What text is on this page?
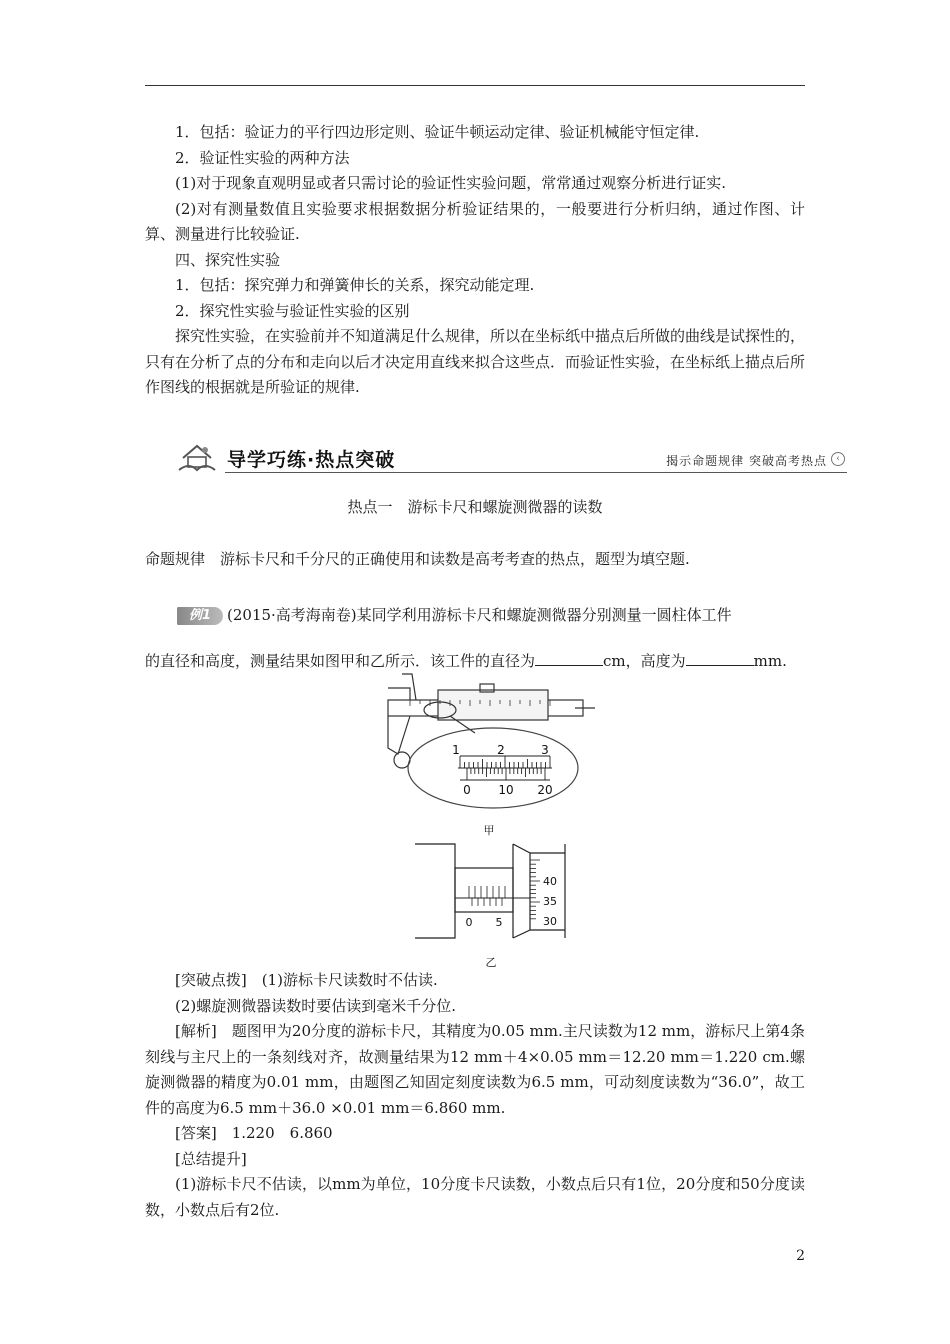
1．包括：验证力的平行四边形定则、验证牛顿运动定律、验证机械能守恒定律.

2．验证性实验的两种方法

(1)对于现象直观明显或者只需讨论的验证性实验问题，常常通过观察分析进行证实.

(2)对有测量数值且实验要求根据数据分析验证结果的，一般要进行分析归纳，通过作图、计算、测量进行比较验证.

四、探究性实验

1．包括：探究弹力和弹簧伸长的关系，探究动能定理.

2．探究性实验与验证性实验的区别

探究性实验，在实验前并不知道满足什么规律，所以在坐标纸中描点后所做的曲线是试探性的，只有在分析了点的分布和走向以后才决定用直线来拟合这些点．而验证性实验，在坐标纸上描点后所作图线的根据就是所验证的规律.

导学巧练·热点突破	揭示命题规律 突破高考热点	‹
热点一　游标卡尺和螺旋测微器的读数
命题规律　游标卡尺和千分尺的正确使用和读数是高考考查的热点，题型为填空题.
例1 (2015·高考海南卷)某同学利用游标卡尺和螺旋测微器分别测量一圆柱体工件
的直径和高度，测量结果如图甲和乙所示．该工件的直径为	cm，高度为	mm.
1	2	3
0 10 20
甲
0 5
40
35
30
乙

[突破点拨]　(1)游标卡尺读数时不估读.

(2)螺旋测微器读数时要估读到毫米千分位.

[解析]　题图甲为20分度的游标卡尺，其精度为0.05 mm.主尺读数为12 mm，游标尺上第4条刻线与主尺上的一条刻线对齐，故测量结果为12 mm＋4×0.05 mm＝12.20 mm＝1.220 cm.螺旋测微器的精度为0.01 mm，由题图乙知固定刻度读数为6.5 mm，可动刻度读数为“36.0”，故工件的高度为6.5 mm＋36.0 ×0.01 mm＝6.860 mm.

[答案]　1.220　6.860

[总结提升]

(1)游标卡尺不估读，以mm为单位，10分度卡尺读数，小数点后只有1位，20分度和50分度读数，小数点后有2位.

2
